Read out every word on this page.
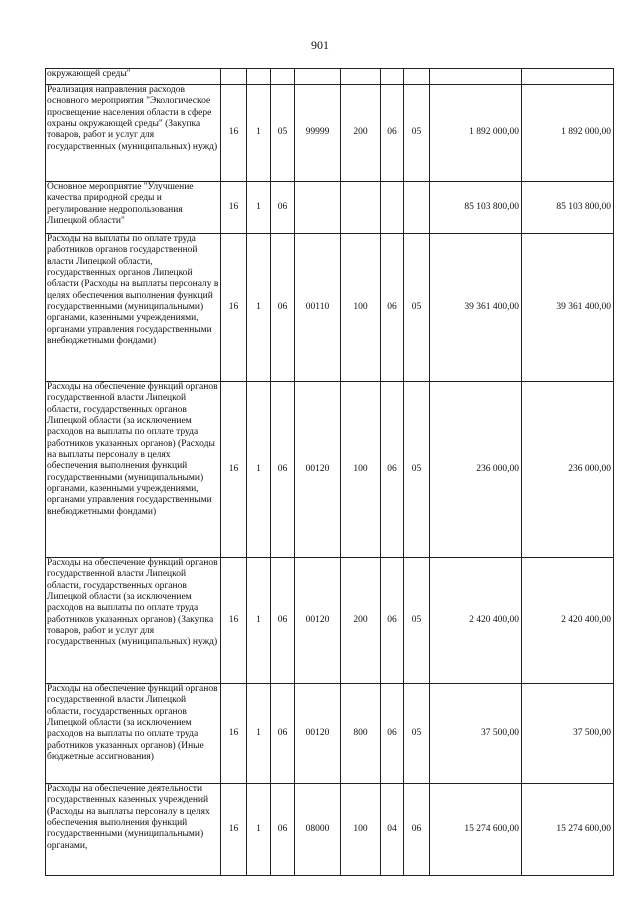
901
окружающей среды"									
Реализация направления расходов основного мероприятия "Экологическое просвещение населения области в сфере охраны окружающей среды" (Закупка товаров, работ и услуг для государственных (муниципальных) нужд)	16	1	05	99999	200	06	05	1 892 000,00	1 892 000,00
Основное мероприятие "Улучшение качества природной среды и регулирование недропользования Липецкой области"	16	1	06					85 103 800,00	85 103 800,00
Расходы на выплаты по оплате труда работников органов государственной власти Липецкой области, государственных органов Липецкой области (Расходы на выплаты персоналу в целях обеспечения выполнения функций государственными (муниципальными) органами, казенными учреждениями, органами управления государственными внебюджетными фондами)	16	1	06	00110	100	06	05	39 361 400,00	39 361 400,00
Расходы на обеспечение функций органов государственной власти Липецкой области, государственных органов Липецкой области (за исключением расходов на выплаты по оплате труда работников указанных органов) (Расходы на выплаты персоналу в целях обеспечения выполнения функций государственными (муниципальными) органами, казенными учреждениями, органами управления государственными внебюджетными фондами)	16	1	06	00120	100	06	05	236 000,00	236 000,00
Расходы на обеспечение функций органов государственной власти Липецкой области, государственных органов Липецкой области (за исключением расходов на выплаты по оплате труда работников указанных органов) (Закупка товаров, работ и услуг для государственных (муниципальных) нужд)	16	1	06	00120	200	06	05	2 420 400,00	2 420 400,00
Расходы на обеспечение функций органов государственной власти Липецкой области, государственных органов Липецкой области (за исключением расходов на выплаты по оплате труда работников указанных органов) (Иные бюджетные ассигнования)	16	1	06	00120	800	06	05	37 500,00	37 500,00
Расходы на обеспечение деятельности государственных казенных учреждений (Расходы на выплаты персоналу в целях обеспечения выполнения функций государственными (муниципальными) органами,	16	1	06	08000	100	04	06	15 274 600,00	15 274 600,00
